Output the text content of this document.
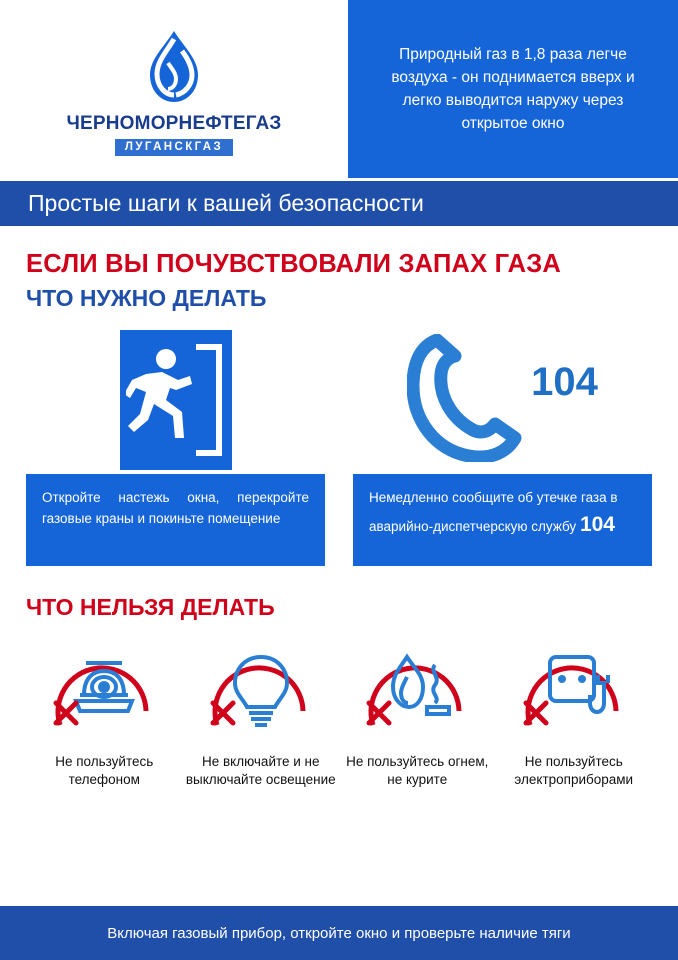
ЧЕРНОМОРНЕФТЕГАЗ
ЛУГАНСКГАЗ
Природный газ в 1,8 раза легче воздуха - он поднимается вверх и легко выводится наружу через открытое окно
Простые шаги к вашей безопасности
ЕСЛИ ВЫ ПОЧУВСТВОВАЛИ ЗАПАХ ГАЗА
ЧТО НУЖНО ДЕЛАТЬ
Откройте настежь окна, перекройте газовые краны и покиньте помещение
104
Немедленно сообщите об утечке газа в аварийно-диспетчерскую службу 104
ЧТО НЕЛЬЗЯ ДЕЛАТЬ
Не пользуйтесь телефоном
Не включайте и не выключайте освещение
Не пользуйтесь огнем, не курите
Не пользуйтесь электроприборами
Включая газовый прибор, откройте окно и проверьте наличие тяги
